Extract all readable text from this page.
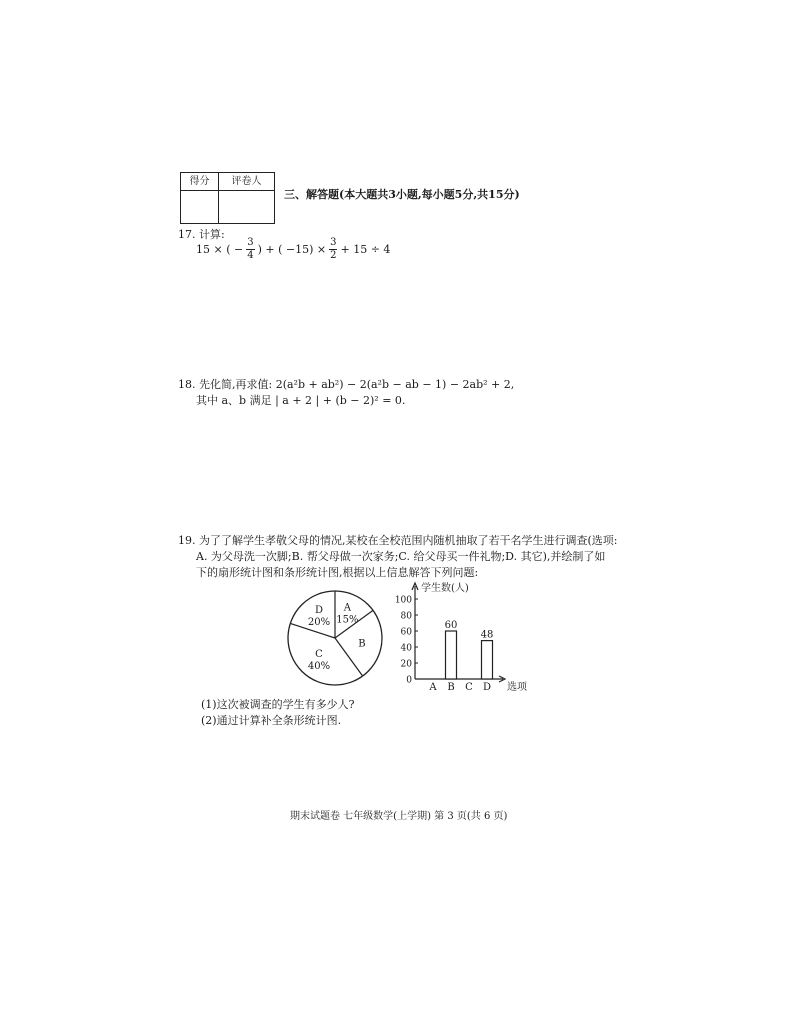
得分	评卷人
三、解答题(本大题共3小题,每小题5分,共15分)
17. 计算:
15 × ( − $\frac{3}{4}$ ) + ( $-15) \times \frac{3}{2} + 15 \div 4$
18. 先化简,再求值: 2(a²b + ab²) − 2(a²b − ab − 1) − 2ab² + 2,
其中 a、b 满足 | a + 2 | + (b − 2)² = 0.
19. 为了了解学生孝敬父母的情况,某校在全校范围内随机抽取了若干名学生进行调查(选项:
A. 为父母洗一次脚;B. 帮父母做一次家务;C. 给父母买一件礼物;D. 其它),并绘制了如
下的扇形统计图和条形统计图,根据以上信息解答下列问题:
A
15%
B
C
40%
D
20%
学生数(人)
选项
0
20
40
60
80
100
A B
60
C D
48
(1)这次被调查的学生有多少人?
(2)通过计算补全条形统计图.
期末试题卷 七年级数学(上学期) 第 3 页(共 6 页)
